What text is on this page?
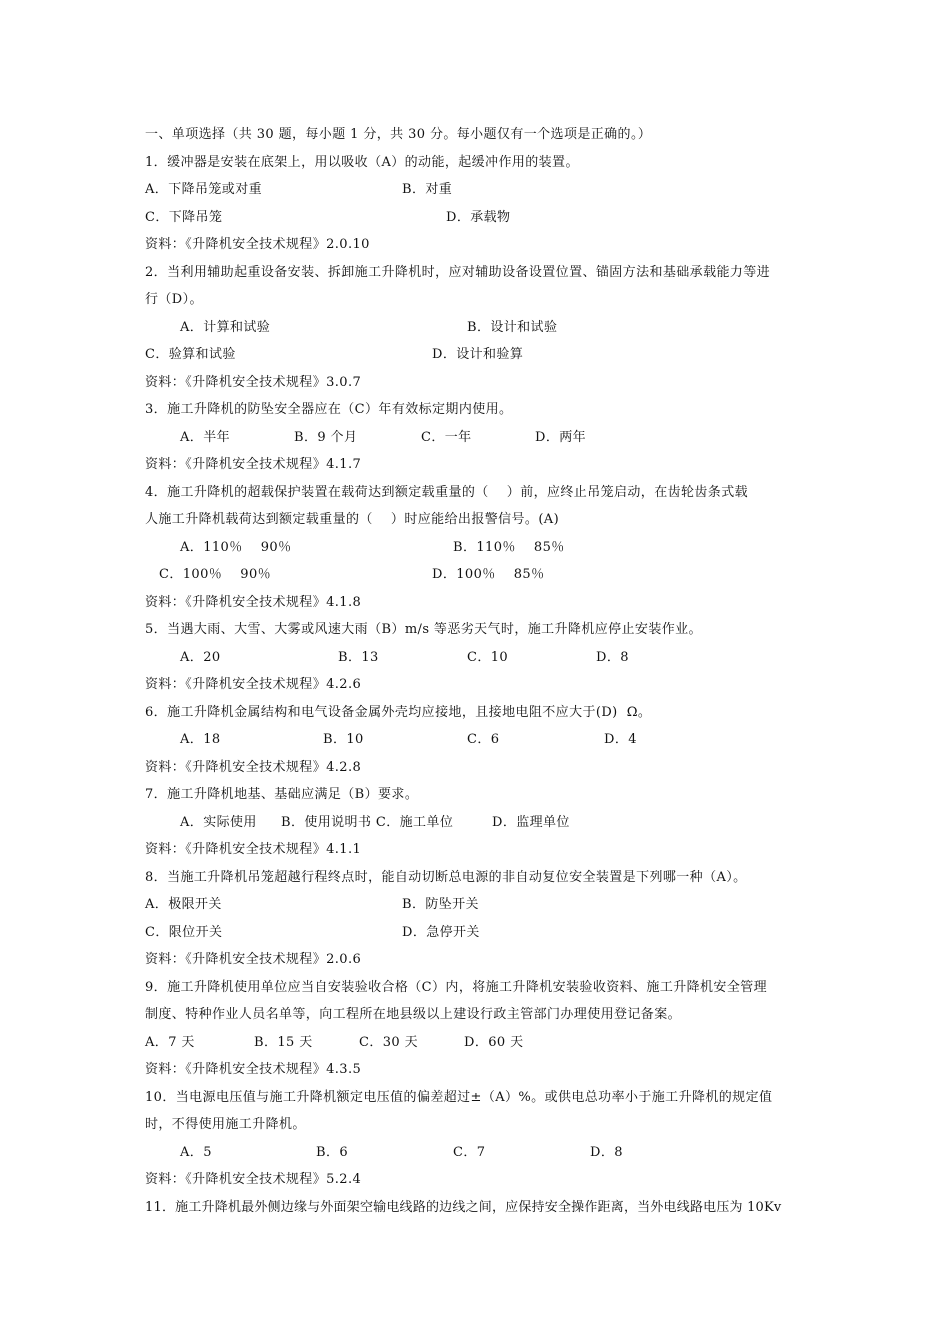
一、单项选择（共 30 题，每小题 1 分，共 30 分。每小题仅有一个选项是正确的。）
1．缓冲器是安装在底架上，用以吸收（A）的动能，起缓冲作用的装置。
A．下降吊笼或对重	B．对重
C．下降吊笼	D．承载物
资料：《升降机安全技术规程》2.0.10
2．当利用辅助起重设备安装、拆卸施工升降机时，应对辅助设备设置位置、锚固方法和基础承载能力等进
行（D）。
A．计算和试验	B．设计和试验
C．验算和试验	D．设计和验算
资料：《升降机安全技术规程》3.0.7
3．施工升降机的防坠安全器应在（C）年有效标定期内使用。
A．半年	B．9 个月	C．一年	D．两年
资料：《升降机安全技术规程》4.1.7
4．施工升降机的超载保护装置在载荷达到额定载重量的（    ）前，应终止吊笼启动，在齿轮齿条式载
人施工升降机载荷达到额定载重量的（    ）时应能给出报警信号。(A)
A．110％    90％	B．110％    85％
C．100％    90％	D．100％    85％
资料：《升降机安全技术规程》4.1.8
5．当遇大雨、大雪、大雾或风速大雨（B）m/s 等恶劣天气时，施工升降机应停止安装作业。
A．20	B．13	C．10	D．8
资料：《升降机安全技术规程》4.2.6
6．施工升降机金属结构和电气设备金属外壳均应接地，且接地电阻不应大于(D)  Ω。
A．18	B．10	C．6	D．4
资料：《升降机安全技术规程》4.2.8
7．施工升降机地基、基础应满足（B）要求。
A．实际使用 B．使用说明书 C．施工单位	D．监理单位
资料：《升降机安全技术规程》4.1.1
8．当施工升降机吊笼超越行程终点时，能自动切断总电源的非自动复位安全装置是下列哪一种（A）。
A．极限开关	B．防坠开关
C．限位开关	D．急停开关
资料：《升降机安全技术规程》2.0.6
9．施工升降机使用单位应当自安装验收合格（C）内，将施工升降机安装验收资料、施工升降机安全管理
制度、特种作业人员名单等，向工程所在地县级以上建设行政主管部门办理使用登记备案。
A．7 天	B．15 天	C．30 天	D．60 天
资料：《升降机安全技术规程》4.3.5
10．当电源电压值与施工升降机额定电压值的偏差超过±（A）%。或供电总功率小于施工升降机的规定值
时，不得使用施工升降机。
A．5	B．6	C．7	D．8
资料：《升降机安全技术规程》5.2.4
11．施工升降机最外侧边缘与外面架空输电线路的边线之间，应保持安全操作距离，当外电线路电压为 10Kv
